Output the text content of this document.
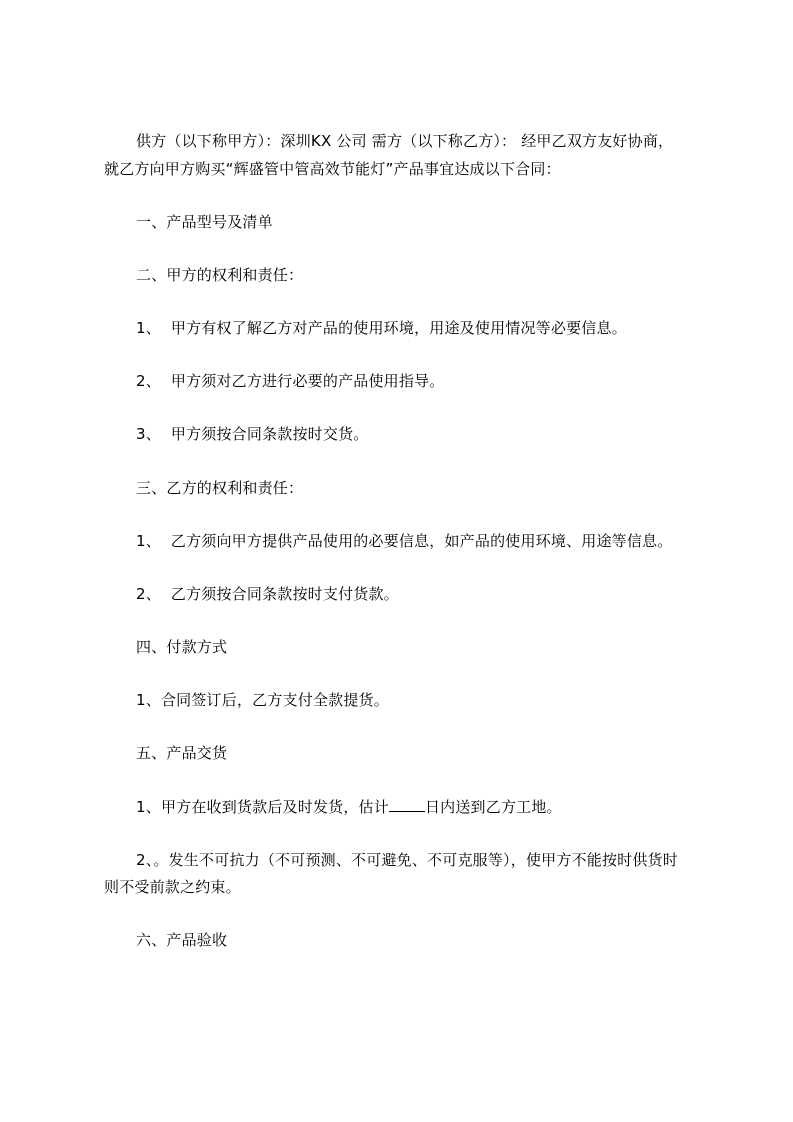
供方（以下称甲方）：深圳KX 公司 需方（以下称乙方）： 经甲乙双方友好协商，
就乙方向甲方购买“辉盛管中管高效节能灯”产品事宜达成以下合同：
一、产品型号及清单
二、甲方的权利和责任：
1、  甲方有权了解乙方对产品的使用环境，用途及使用情况等必要信息。
2、  甲方须对乙方进行必要的产品使用指导。
3、  甲方须按合同条款按时交货。
三、乙方的权利和责任：
1、  乙方须向甲方提供产品使用的必要信息，如产品的使用环境、用途等信息。
2、  乙方须按合同条款按时支付货款。
四、付款方式
1、合同签订后，乙方支付全款提货。
五、产品交货
1、甲方在收到货款后及时发货，估计 日内送到乙方工地。
2、。发生不可抗力（不可预测、不可避免、不可克服等），使甲方不能按时供货时
则不受前款之约束。
六、产品验收
